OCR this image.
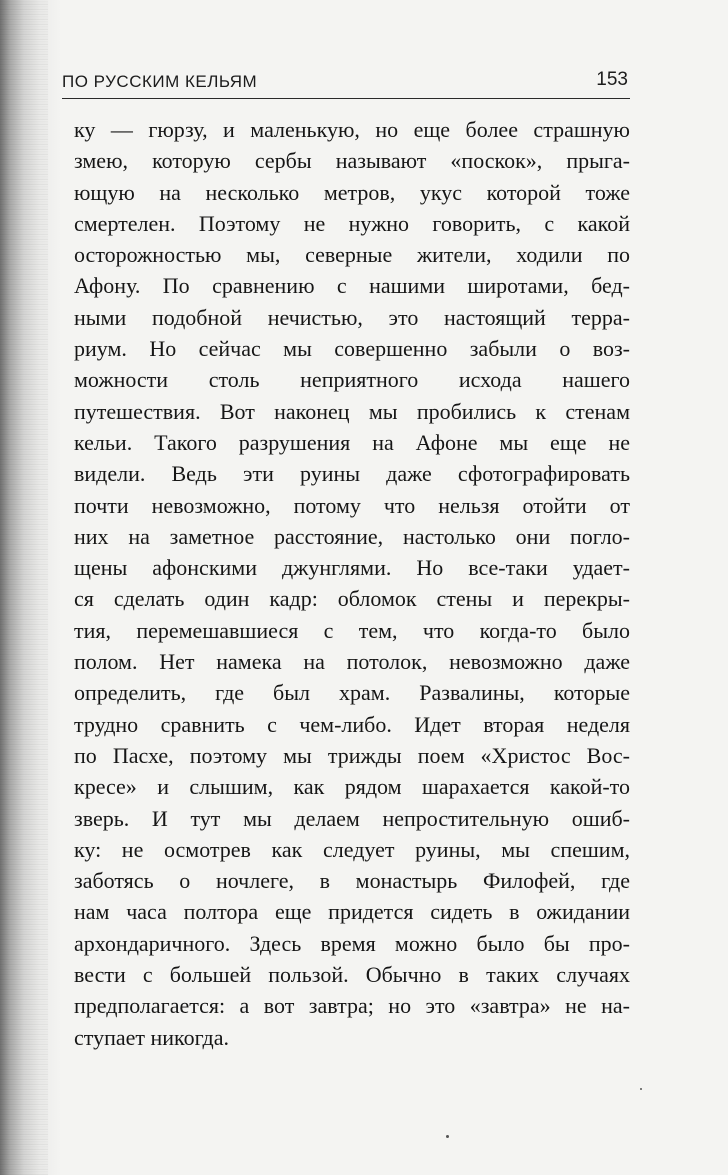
ПО РУССКИМ КЕЛЬЯМ	153
ку — гюрзу, и маленькую, но еще более страшную
змею, которую сербы называют «поскок», прыга-
ющую на несколько метров, укус которой тоже
смертелен. Поэтому не нужно говорить, с какой
осторожностью мы, северные жители, ходили по
Афону. По сравнению с нашими широтами, бед-
ными подобной нечистью, это настоящий терра-
риум. Но сейчас мы совершенно забыли о воз-
можности столь неприятного исхода нашего
путешествия. Вот наконец мы пробились к стенам
кельи. Такого разрушения на Афоне мы еще не
видели. Ведь эти руины даже сфотографировать
почти невозможно, потому что нельзя отойти от
них на заметное расстояние, настолько они погло-
щены афонскими джунглями. Но все-таки удает-
ся сделать один кадр: обломок стены и перекры-
тия, перемешавшиеся с тем, что когда-то было
полом. Нет намека на потолок, невозможно даже
определить, где был храм. Развалины, которые
трудно сравнить с чем-либо. Идет вторая неделя
по Пасхе, поэтому мы трижды поем «Христос Вос-
кресе» и слышим, как рядом шарахается какой-то
зверь. И тут мы делаем непростительную ошиб-
ку: не осмотрев как следует руины, мы спешим,
заботясь о ночлеге, в монастырь Филофей, где
нам часа полтора еще придется сидеть в ожидании
архондаричного. Здесь время можно было бы про-
вести с большей пользой. Обычно в таких случаях
предполагается: а вот завтра; но это «завтра» не на-
ступает никогда.
